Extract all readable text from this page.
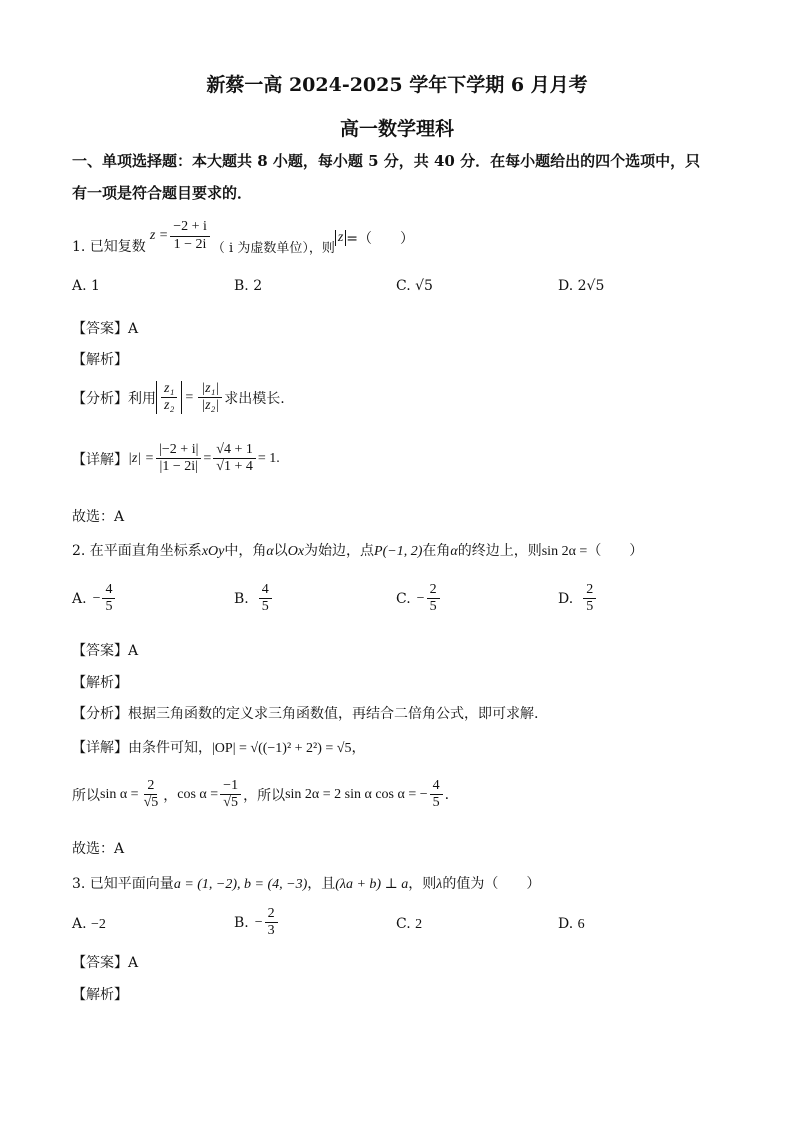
新蔡一高 2024-2025 学年下学期 6 月月考
高一数学理科
一、单项选择题：本大题共 8 小题，每小题 5 分，共 40 分．在每小题给出的四个选项中，只
有一项是符合题目要求的．
1. 已知复数
$z = \frac{-2 + i}{1 - 2i}$ （ i 为虚数单位），则
z =（　　）
A. 1	B. 2	C. √5	D. 2√5
【答案】A
【解析】
【分析】利用 $\frac{\text{z₁}}{\text{z₂}} = \frac{\text{|z₁|}}{\text{|z₂|}}$ 求出模长.
【详解】 $|z| = \frac{|-2 + i|}{|1 - 2i|} = \frac{√4 + 1}{√1 + 4} = 1$.
故选：A
2. 在平面直角坐标系xOy中，角α以Ox为始边，点P(−1, 2)在角α的终边上，则sin 2α =（　　）
A. − $\frac{4}{5}$	B. $\frac{4}{5}$	C. − $\frac{2}{5}$	D. $\frac{2}{5}$
【答案】A
【解析】
【分析】根据三角函数的定义求三角函数值，再结合二倍角公式，即可求解.
【详解】由条件可知，|OP| = √((−1)² + 2²) = √5，
所以 $\sin \alpha = \frac{2}{√5}$ ， $\cos \alpha = \frac{-1}{√5}$ ，所以 sin 2α = 2 sin α cos α = − $\frac{4}{5}$ .
故选：A
3. 已知平面向量a = (1, −2), b = (4, −3)，且(λa + b) ⊥ a，则λ的值为（　　）
A. −2	B. − $\frac{2}{3}$	C. 2	D. 6
【答案】A
【解析】
